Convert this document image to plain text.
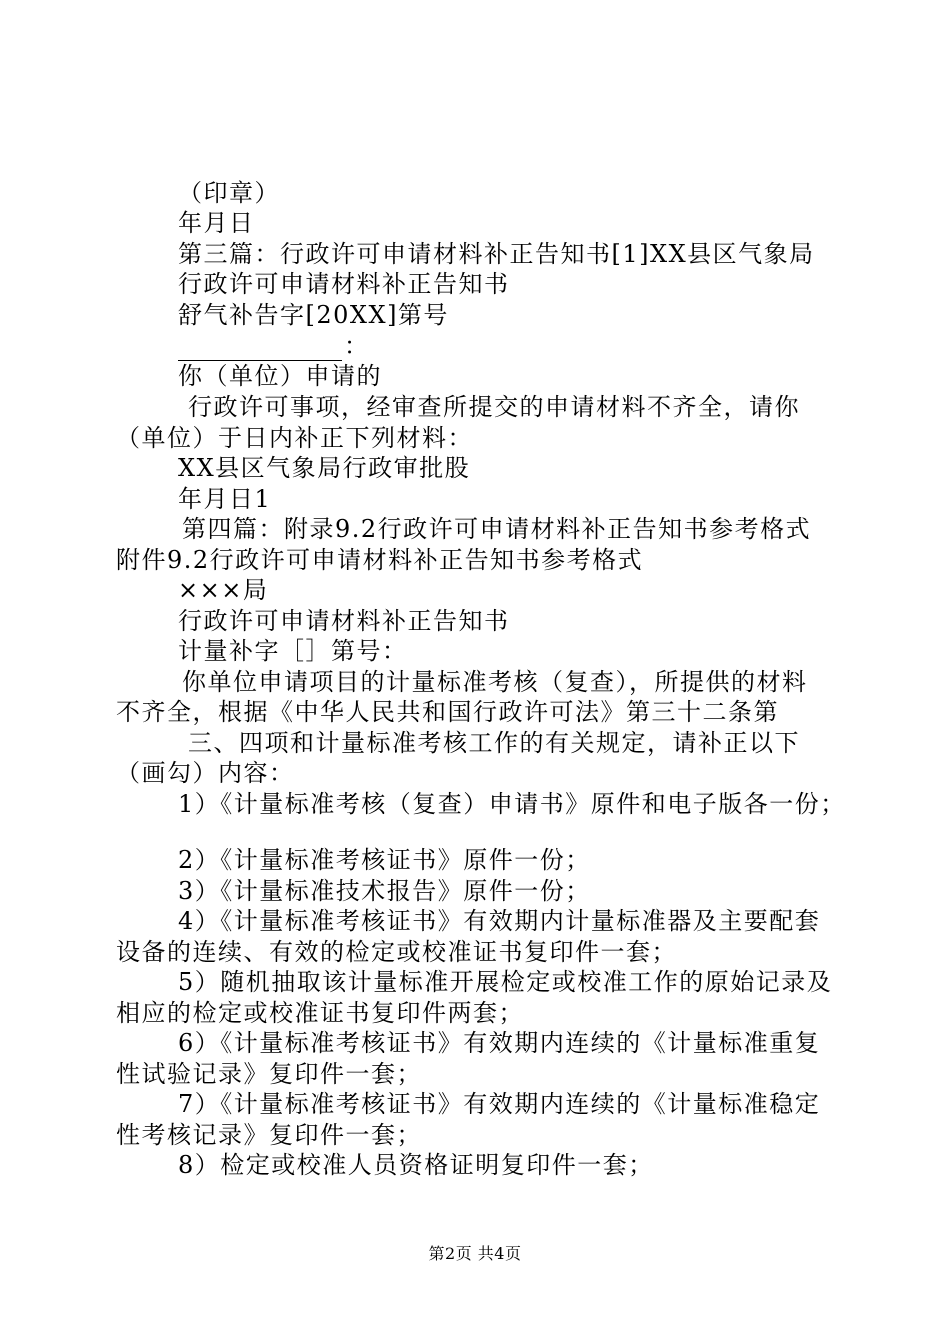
（印章）
年月日
第三篇：行政许可申请材料补正告知书[1]XX县区气象局
行政许可申请材料补正告知书
舒气补告字[20XX]第号
：
你（单位）申请的
行政许可事项，经审查所提交的申请材料不齐全，请你
（单位）于日内补正下列材料：
XX县区气象局行政审批股
年月日1
第四篇：附录9.2行政许可申请材料补正告知书参考格式
附件9.2行政许可申请材料补正告知书参考格式
×××局
行政许可申请材料补正告知书
计量补字［］第号：
你单位申请项目的计量标准考核（复查），所提供的材料
不齐全，根据《中华人民共和国行政许可法》第三十二条第
三、四项和计量标准考核工作的有关规定，请补正以下
（画勾）内容：
1）《计量标准考核（复查）申请书》原件和电子版各一份；
2）《计量标准考核证书》原件一份；
3）《计量标准技术报告》原件一份；
4）《计量标准考核证书》有效期内计量标准器及主要配套
设备的连续、有效的检定或校准证书复印件一套；
5）随机抽取该计量标准开展检定或校准工作的原始记录及
相应的检定或校准证书复印件两套；
6）《计量标准考核证书》有效期内连续的《计量标准重复
性试验记录》复印件一套；
7）《计量标准考核证书》有效期内连续的《计量标准稳定
性考核记录》复印件一套；
8）检定或校准人员资格证明复印件一套；
第2页 共4页
